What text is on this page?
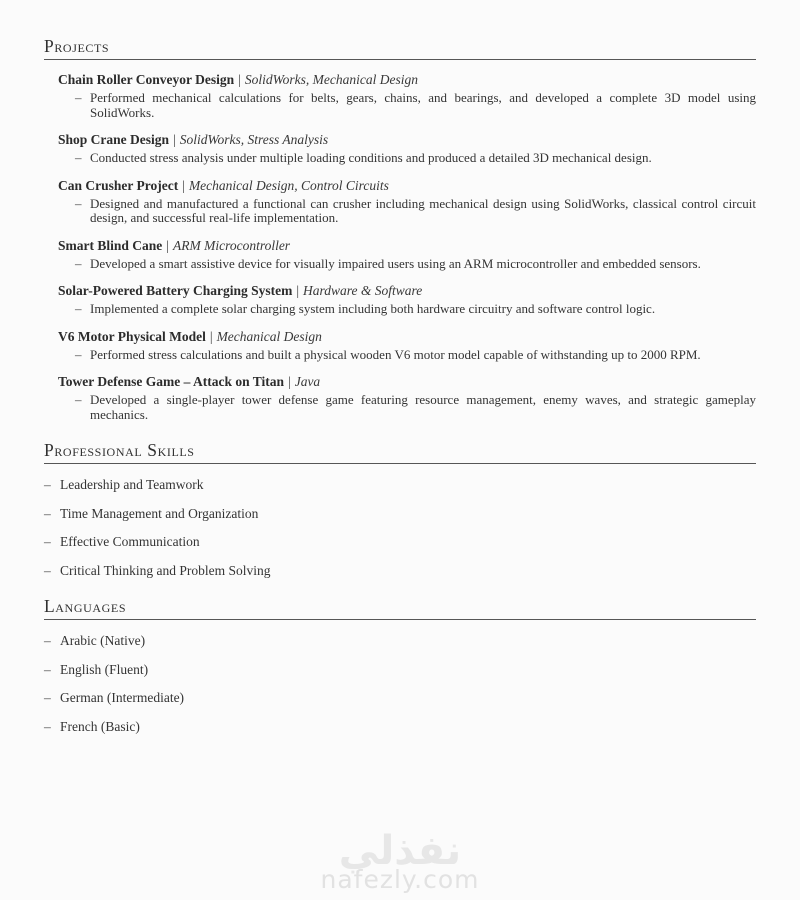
Projects
Chain Roller Conveyor Design | SolidWorks, Mechanical Design
– Performed mechanical calculations for belts, gears, chains, and bearings, and developed a complete 3D model using SolidWorks.
Shop Crane Design | SolidWorks, Stress Analysis
– Conducted stress analysis under multiple loading conditions and produced a detailed 3D mechanical design.
Can Crusher Project | Mechanical Design, Control Circuits
– Designed and manufactured a functional can crusher including mechanical design using SolidWorks, classical control circuit design, and successful real-life implementation.
Smart Blind Cane | ARM Microcontroller
– Developed a smart assistive device for visually impaired users using an ARM microcontroller and embedded sensors.
Solar-Powered Battery Charging System | Hardware & Software
– Implemented a complete solar charging system including both hardware circuitry and software control logic.
V6 Motor Physical Model | Mechanical Design
– Performed stress calculations and built a physical wooden V6 motor model capable of withstanding up to 2000 RPM.
Tower Defense Game – Attack on Titan | Java
– Developed a single-player tower defense game featuring resource management, enemy waves, and strategic gameplay mechanics.
Professional Skills
– Leadership and Teamwork
– Time Management and Organization
– Effective Communication
– Critical Thinking and Problem Solving
Languages
– Arabic (Native)
– English (Fluent)
– German (Intermediate)
– French (Basic)
نفذلي
nafezly.com
